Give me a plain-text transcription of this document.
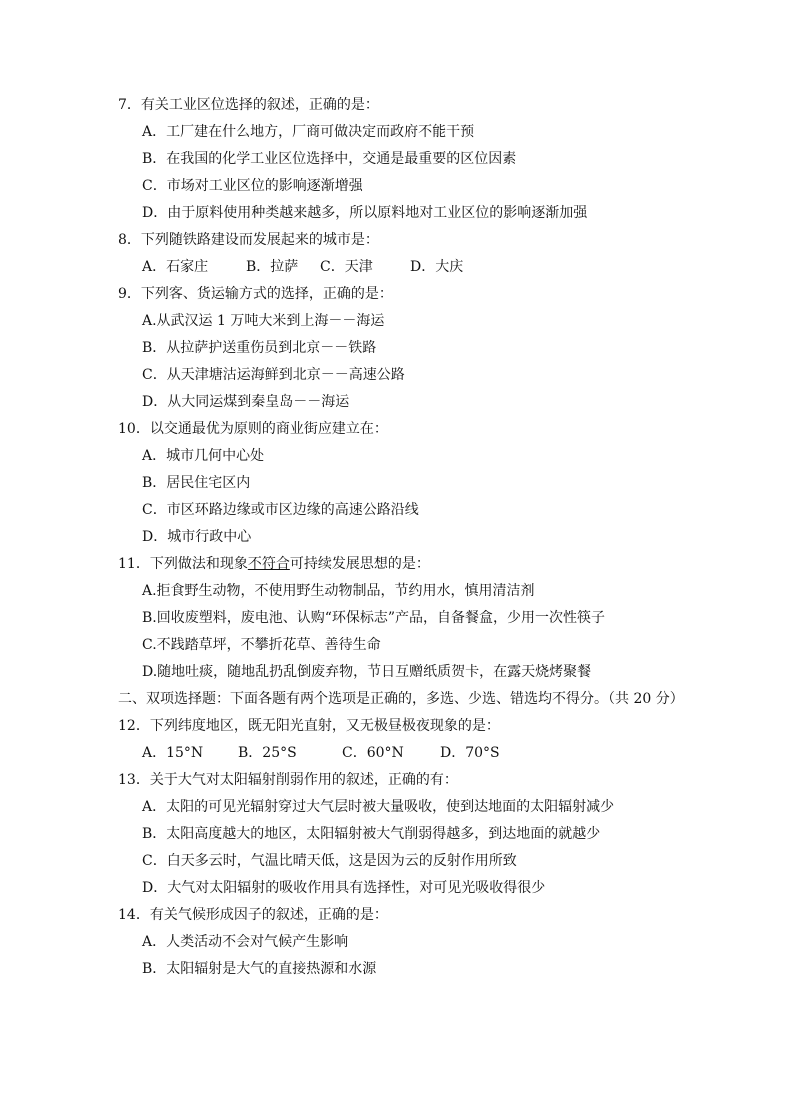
7．有关工业区位选择的叙述，正确的是：

A．工厂建在什么地方，厂商可做决定而政府不能干预

B．在我国的化学工业区位选择中，交通是最重要的区位因素

C．市场对工业区位的影响逐渐增强

D．由于原料使用种类越来越多，所以原料地对工业区位的影响逐渐加强

8．下列随铁路建设而发展起来的城市是：

A．石家庄	B．拉萨 C．天津	D．大庆

9．下列客、货运输方式的选择，正确的是：

A.从武汉运 1 万吨大米到上海－－海运

B．从拉萨护送重伤员到北京－－铁路

C．从天津塘沽运海鲜到北京－－高速公路

D．从大同运煤到秦皇岛－－海运

10．以交通最优为原则的商业街应建立在：

A．城市几何中心处

B．居民住宅区内

C．市区环路边缘或市区边缘的高速公路沿线

D．城市行政中心

11．下列做法和现象不符合可持续发展思想的是：

A.拒食野生动物，不使用野生动物制品，节约用水，慎用清洁剂

B.回收废塑料，废电池、认购“环保标志”产品，自备餐盒，少用一次性筷子

C.不践踏草坪，不攀折花草、善待生命

D.随地吐痰，随地乱扔乱倒废弃物，节日互赠纸质贺卡，在露天烧烤聚餐

二、双项选择题：下面各题有两个选项是正确的，多选、少选、错选均不得分。（共 20 分）

12．下列纬度地区，既无阳光直射，又无极昼极夜现象的是：

A．15°N B．25°S	C．60°N	D．70°S

13．关于大气对太阳辐射削弱作用的叙述，正确的有：

A．太阳的可见光辐射穿过大气层时被大量吸收，使到达地面的太阳辐射减少

B．太阳高度越大的地区，太阳辐射被大气削弱得越多，到达地面的就越少

C．白天多云时，气温比晴天低，这是因为云的反射作用所致

D．大气对太阳辐射的吸收作用具有选择性，对可见光吸收得很少

14．有关气候形成因子的叙述，正确的是：

A．人类活动不会对气候产生影响

B．太阳辐射是大气的直接热源和水源
